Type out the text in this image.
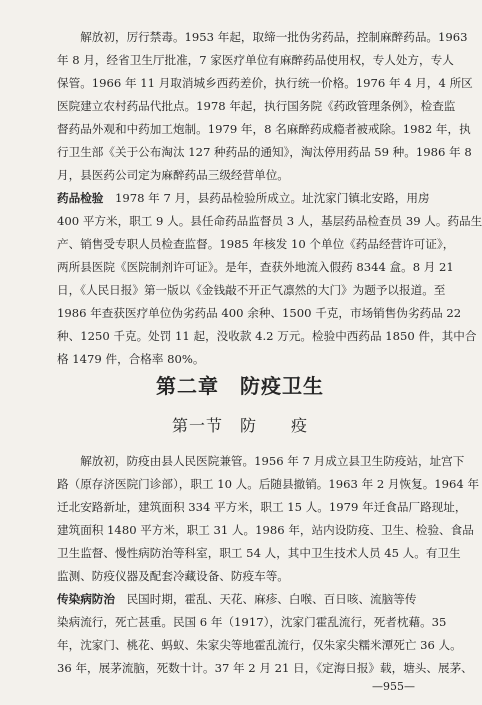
　　解放初，厉行禁毒。1953 年起，取缔一批伪劣药品，控制麻醉药品。1963
年 8 月，经省卫生厅批准，7 家医疗单位有麻醉药品使用权，专人处方，专人
保管。1966 年 11 月取消城乡西药差价，执行统一价格。1976 年 4 月，4 所区
医院建立农村药品代批点。1978 年起，执行国务院《药政管理条例》，检查监
督药品外观和中药加工炮制。1979 年，8 名麻醉药成瘾者被戒除。1982 年，执
行卫生部《关于公布淘汰 127 种药品的通知》，淘汰停用药品 59 种。1986 年 8
月，县医药公司定为麻醉药品三级经营单位。
药品检验　1978 年 7 月，县药品检验所成立。址沈家门镇北安路，用房
400 平方米，职工 9 人。县任命药品监督员 3 人，基层药品检查员 39 人。药品生
产、销售受专职人员检查监督。1985 年核发 10 个单位《药品经营许可证》，
两所县医院《医院制剂许可证》。是年，查获外地流入假药 8344 盒。8 月 21
日，《人民日报》第一版以《金钱敲不开正气凛然的大门》为题予以报道。至
1986 年查获医疗单位伪劣药品 400 余种、1500 千克，市场销售伪劣药品 22
种、1250 千克。处罚 11 起，没收款 4.2 万元。检验中西药品 1850 件，其中合
格 1479 件，合格率 80%。
第二章　防疫卫生
第一节　防　　疫
　　解放初，防疫由县人民医院兼管。1956 年 7 月成立县卫生防疫站，址宫下
路（原存济医院门诊部），职工 10 人。后随县撤销。1963 年 2 月恢复。1964 年
迁北安路新址，建筑面积 334 平方米，职工 15 人。1979 年迁食品厂路现址，
建筑面积 1480 平方米，职工 31 人。1986 年，站内设防疫、卫生、检验、食品
卫生监督、慢性病防治等科室，职工 54 人，其中卫生技术人员 45 人。有卫生
监测、防疫仪器及配套冷藏设备、防疫车等。
传染病防治　民国时期，霍乱、天花、麻疹、白喉、百日咳、流脑等传
染病流行，死亡甚重。民国 6 年（1917），沈家门霍乱流行，死者枕藉。35
年，沈家门、桃花、蚂蚁、朱家尖等地霍乱流行，仅朱家尖糯米潭死亡 36 人。
36 年，展茅流脑，死数十计。37 年 2 月 21 日，《定海日报》载，塘头、展茅、
—955—
